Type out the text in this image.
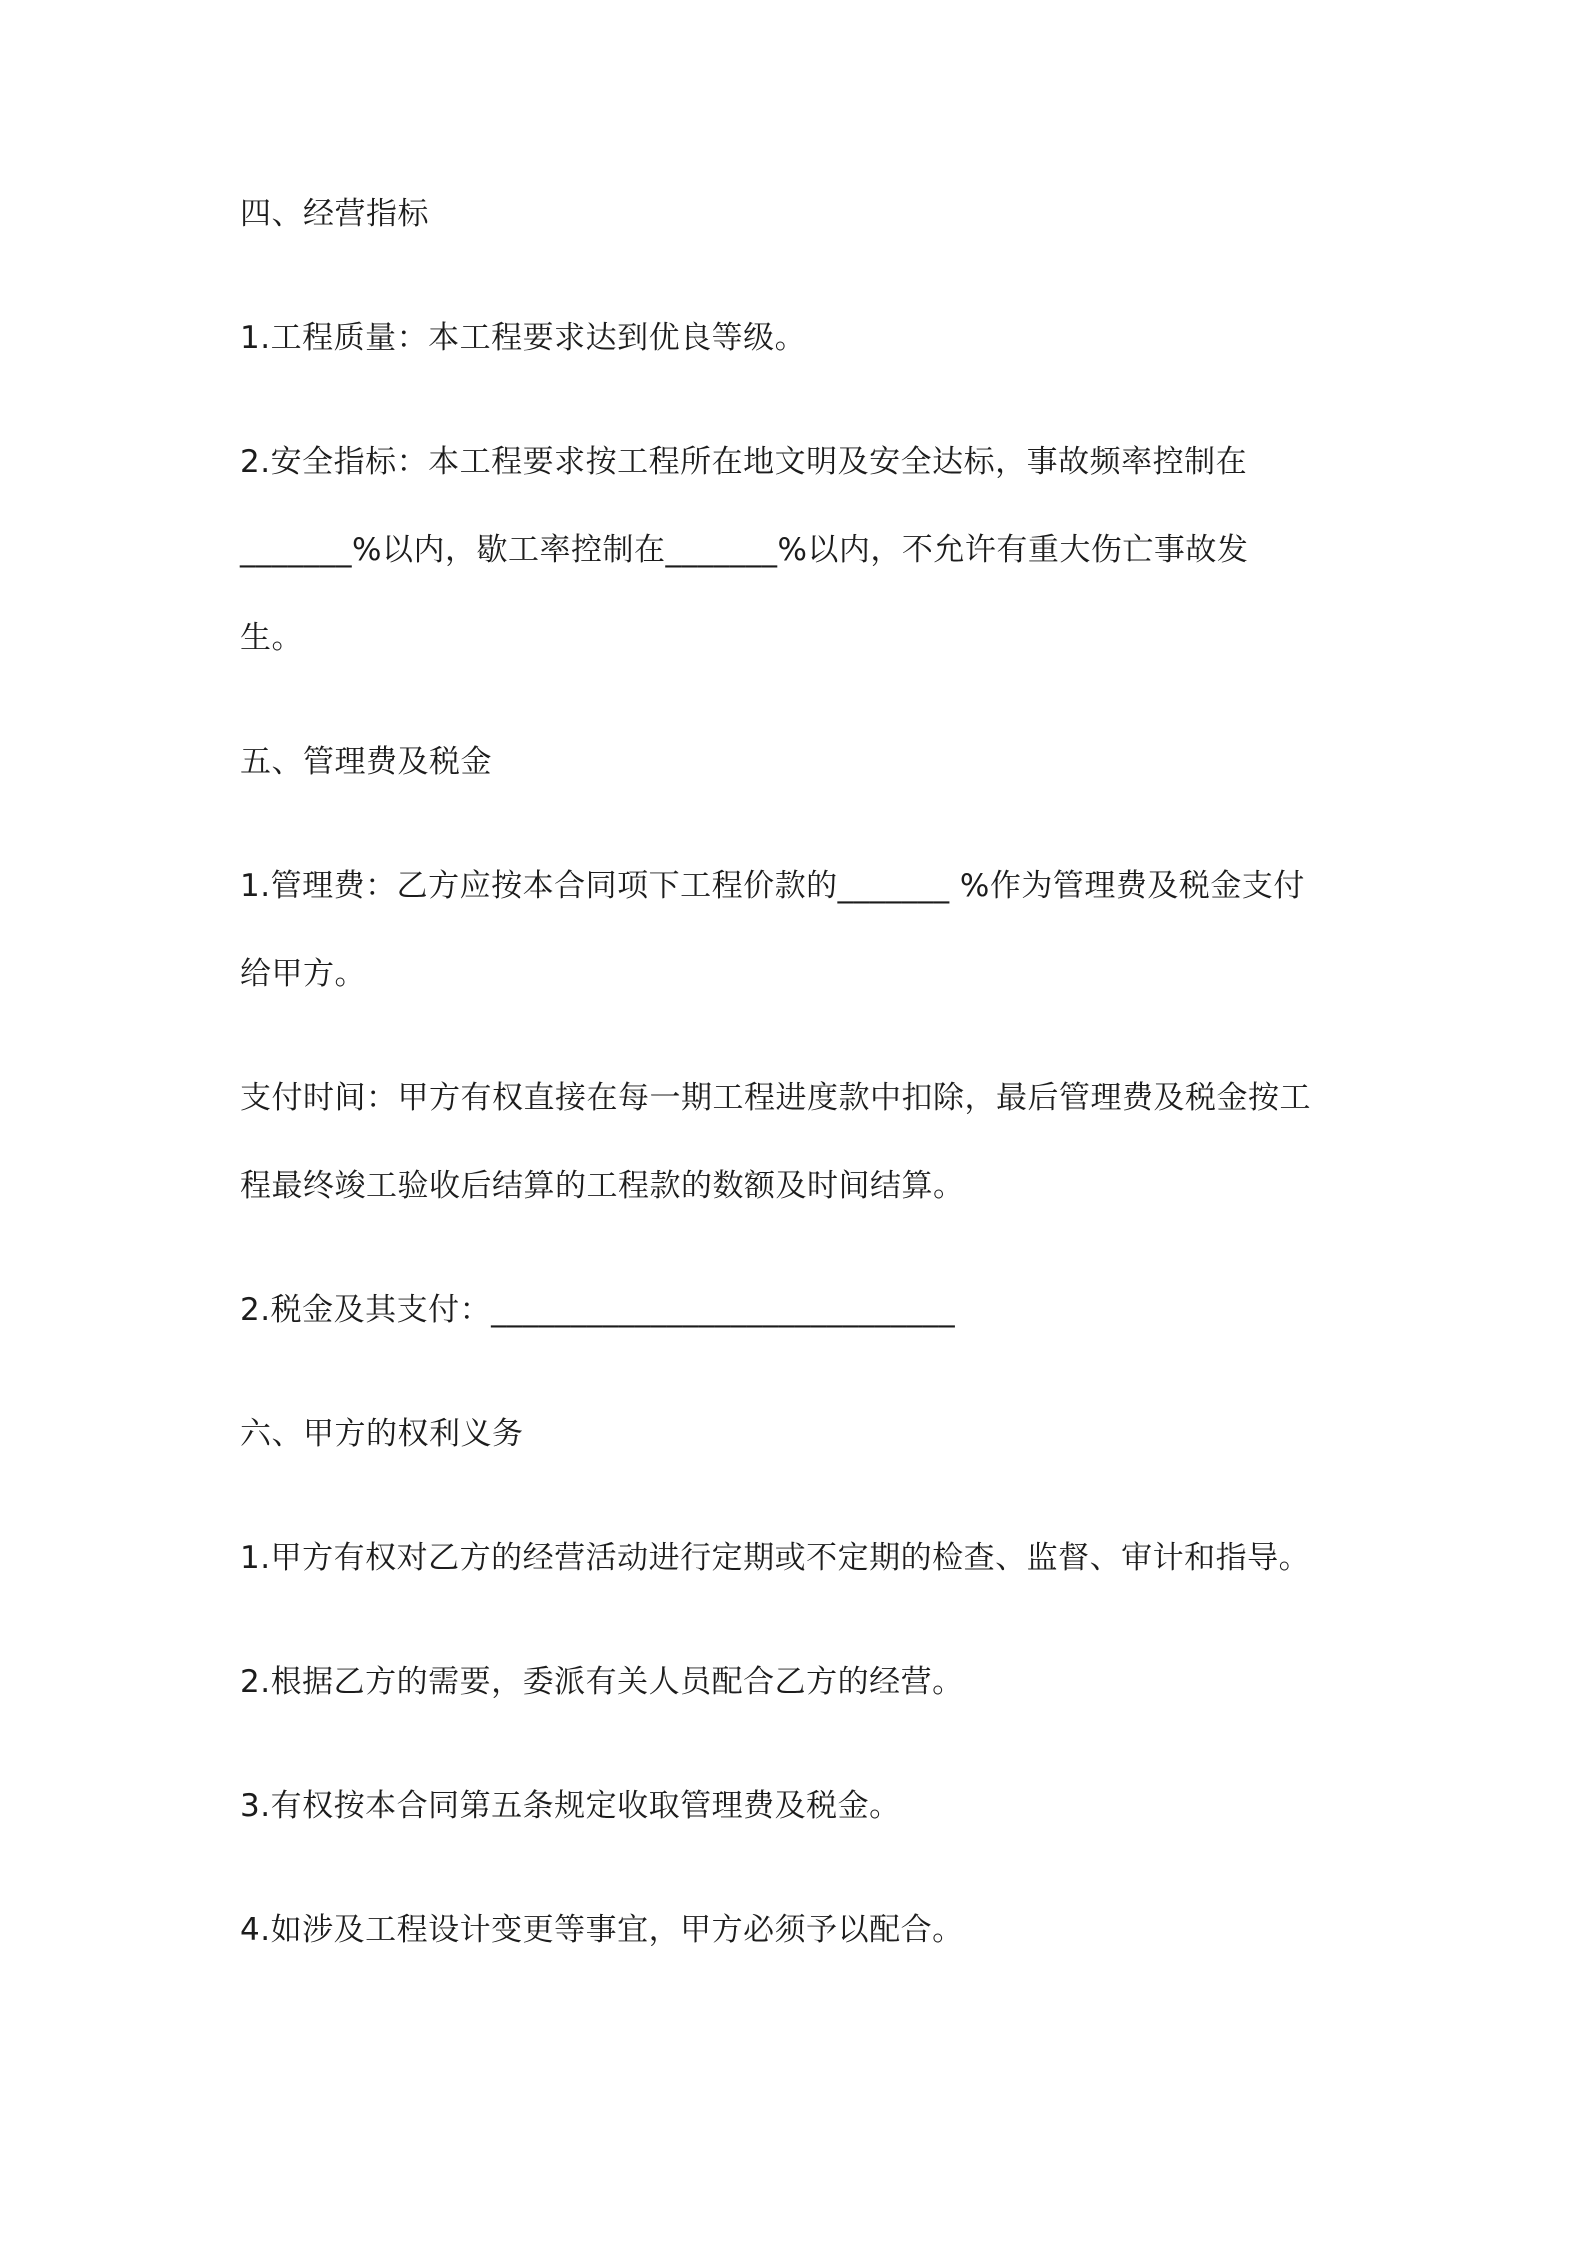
四、经营指标
1.工程质量：本工程要求达到优良等级。
2.安全指标：本工程要求按工程所在地文明及安全达标，事故频率控制在
_______%以内，歇工率控制在_______%以内，不允许有重大伤亡事故发
生。
五、管理费及税金
1.管理费：乙方应按本合同项下工程价款的_______ %作为管理费及税金支付
给甲方。
支付时间：甲方有权直接在每一期工程进度款中扣除，最后管理费及税金按工
程最终竣工验收后结算的工程款的数额及时间结算。
2.税金及其支付：_____________________________
六、甲方的权利义务
1.甲方有权对乙方的经营活动进行定期或不定期的检查、监督、审计和指导。
2.根据乙方的需要，委派有关人员配合乙方的经营。
3.有权按本合同第五条规定收取管理费及税金。
4.如涉及工程设计变更等事宜，甲方必须予以配合。
